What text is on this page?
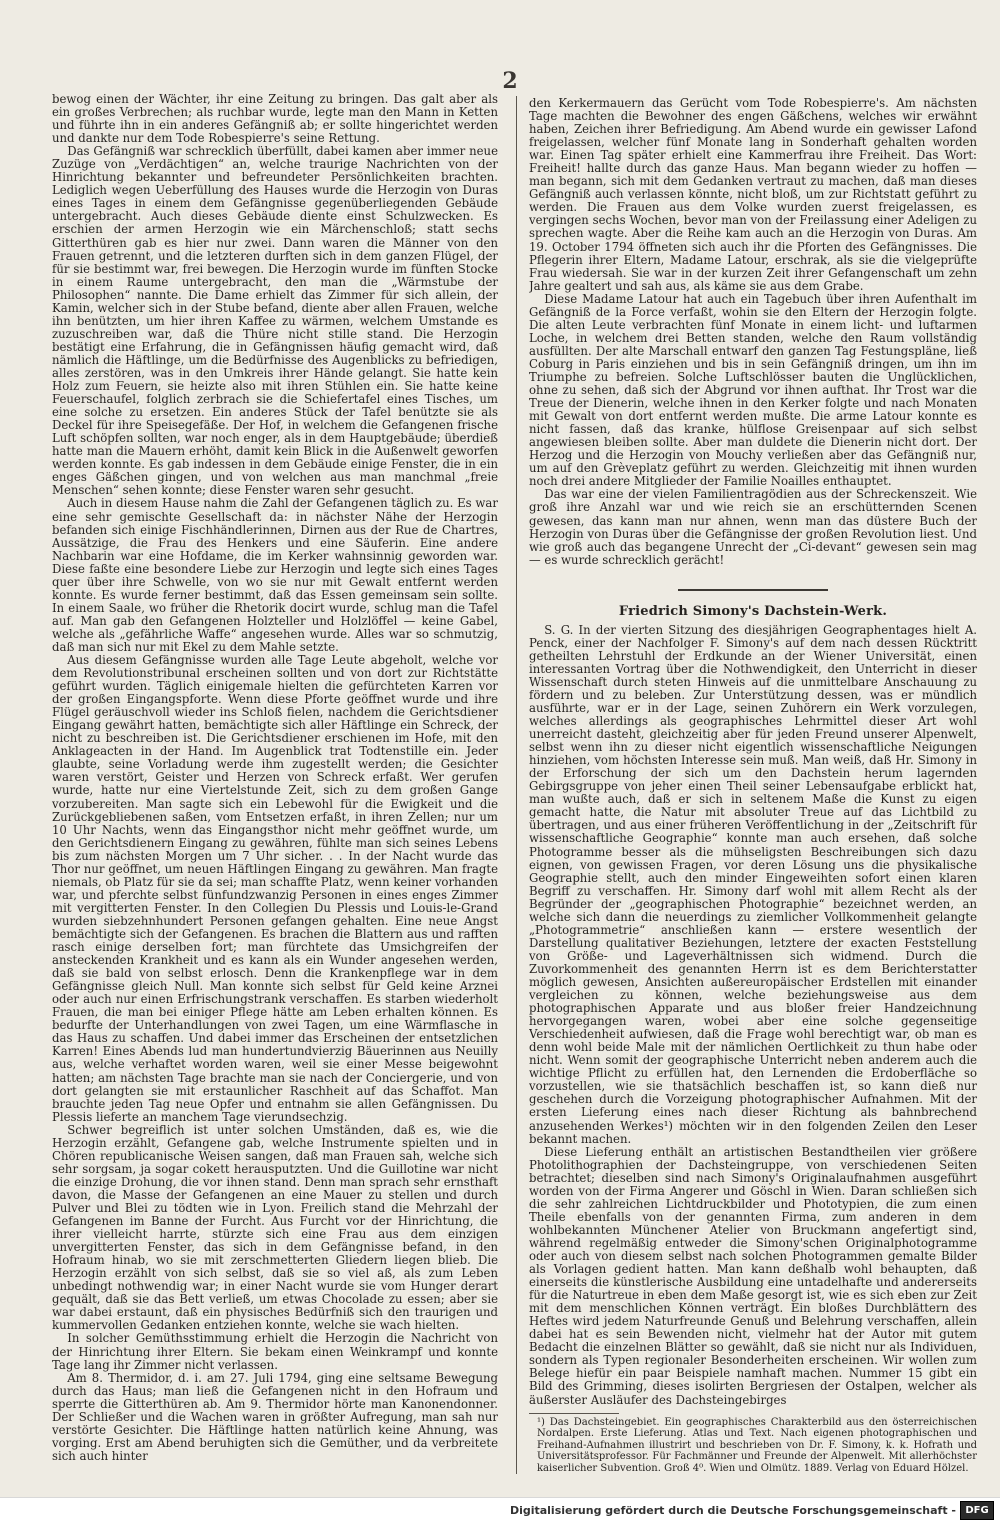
2

bewog einen der Wächter, ihr eine Zeitung zu bringen. Das galt aber als ein großes Verbrechen; als ruchbar wurde, legte man den Mann in Ketten und führte ihn in ein anderes Gefängniß ab; er sollte hingerichtet werden und dankte nur dem Tode Robespierre's seine Rettung.

Das Gefängniß war schrecklich überfüllt, dabei kamen aber immer neue Zuzüge von „Verdächtigen“ an, welche traurige Nachrichten von der Hinrichtung bekannter und befreundeter Persönlichkeiten brachten. Lediglich wegen Ueberfüllung des Hauses wurde die Herzogin von Duras eines Tages in einem dem Gefängnisse gegenüberliegenden Gebäude untergebracht. Auch dieses Gebäude diente einst Schulzwecken. Es erschien der armen Herzogin wie ein Märchenschloß; statt sechs Gitterthüren gab es hier nur zwei. Dann waren die Männer von den Frauen getrennt, und die letzteren durften sich in dem ganzen Flügel, der für sie bestimmt war, frei bewegen. Die Herzogin wurde im fünften Stocke in einem Raume untergebracht, den man die „Wärmstube der Philosophen“ nannte. Die Dame erhielt das Zimmer für sich allein, der Kamin, welcher sich in der Stube befand, diente aber allen Frauen, welche ihn benützten, um hier ihren Kaffee zu wärmen, welchem Umstande es zuzuschreiben war, daß die Thüre nicht stille stand. Die Herzogin bestätigt eine Erfahrung, die in Gefängnissen häufig gemacht wird, daß nämlich die Häftlinge, um die Bedürfnisse des Augenblicks zu befriedigen, alles zerstören, was in den Umkreis ihrer Hände gelangt. Sie hatte kein Holz zum Feuern, sie heizte also mit ihren Stühlen ein. Sie hatte keine Feuerschaufel, folglich zerbrach sie die Schiefertafel eines Tisches, um eine solche zu ersetzen. Ein anderes Stück der Tafel benützte sie als Deckel für ihre Speisegefäße. Der Hof, in welchem die Gefangenen frische Luft schöpfen sollten, war noch enger, als in dem Hauptgebäude; überdieß hatte man die Mauern erhöht, damit kein Blick in die Außenwelt geworfen werden konnte. Es gab indessen in dem Gebäude einige Fenster, die in ein enges Gäßchen gingen, und von welchen aus man manchmal „freie Menschen“ sehen konnte; diese Fenster waren sehr gesucht.

Auch in diesem Hause nahm die Zahl der Gefangenen täglich zu. Es war eine sehr gemischte Gesellschaft da: in nächster Nähe der Herzogin befanden sich einige Fischhändlerinnen, Dirnen aus der Rue de Chartres, Aussätzige, die Frau des Henkers und eine Säuferin. Eine andere Nachbarin war eine Hofdame, die im Kerker wahnsinnig geworden war. Diese faßte eine besondere Liebe zur Herzogin und legte sich eines Tages quer über ihre Schwelle, von wo sie nur mit Gewalt entfernt werden konnte. Es wurde ferner bestimmt, daß das Essen gemeinsam sein sollte. In einem Saale, wo früher die Rhetorik docirt wurde, schlug man die Tafel auf. Man gab den Gefangenen Holzteller und Holzlöffel — keine Gabel, welche als „gefährliche Waffe“ angesehen wurde. Alles war so schmutzig, daß man sich nur mit Ekel zu dem Mahle setzte.

Aus diesem Gefängnisse wurden alle Tage Leute abgeholt, welche vor dem Revolutionstribunal erscheinen sollten und von dort zur Richtstätte geführt wurden. Täglich einigemale hielten die gefürchteten Karren vor der großen Eingangspforte. Wenn diese Pforte geöffnet wurde und ihre Flügel geräuschvoll wieder ins Schloß fielen, nachdem die Gerichtsdiener Eingang gewährt hatten, bemächtigte sich aller Häftlinge ein Schreck, der nicht zu beschreiben ist. Die Gerichtsdiener erschienen im Hofe, mit den Anklageacten in der Hand. Im Augenblick trat Todtenstille ein. Jeder glaubte, seine Vorladung werde ihm zugestellt werden; die Gesichter waren verstört, Geister und Herzen von Schreck erfaßt. Wer gerufen wurde, hatte nur eine Viertelstunde Zeit, sich zu dem großen Gange vorzubereiten. Man sagte sich ein Lebewohl für die Ewigkeit und die Zurückgebliebenen saßen, vom Entsetzen erfaßt, in ihren Zellen; nur um 10 Uhr Nachts, wenn das Eingangsthor nicht mehr geöffnet wurde, um den Gerichtsdienern Eingang zu gewähren, fühlte man sich seines Lebens bis zum nächsten Morgen um 7 Uhr sicher. . . In der Nacht wurde das Thor nur geöffnet, um neuen Häftlingen Eingang zu gewähren. Man fragte niemals, ob Platz für sie da sei; man schaffte Platz, wenn keiner vorhanden war, und pferchte selbst fünfundzwanzig Personen in eines enges Zimmer mit vergitterten Fenster. In den Collegien Du Plessis und Louis-le-Grand wurden siebzehnhundert Personen gefangen gehalten. Eine neue Angst bemächtigte sich der Gefangenen. Es brachen die Blattern aus und rafften rasch einige derselben fort; man fürchtete das Umsichgreifen der ansteckenden Krankheit und es kann als ein Wunder angesehen werden, daß sie bald von selbst erlosch. Denn die Krankenpflege war in dem Gefängnisse gleich Null. Man konnte sich selbst für Geld keine Arznei oder auch nur einen Erfrischungstrank verschaffen. Es starben wiederholt Frauen, die man bei einiger Pflege hätte am Leben erhalten können. Es bedurfte der Unterhandlungen von zwei Tagen, um eine Wärmflasche in das Haus zu schaffen. Und dabei immer das Erscheinen der entsetzlichen Karren! Eines Abends lud man hundertundvierzig Bäuerinnen aus Neuilly aus, welche verhaftet worden waren, weil sie einer Messe beigewohnt hatten; am nächsten Tage brachte man sie nach der Conciergerie, und von dort gelangten sie mit erstaunlicher Raschheit auf das Schaffot. Man brauchte jeden Tag neue Opfer und entnahm sie allen Gefängnissen. Du Plessis lieferte an manchem Tage vierundsechzig.

Schwer begreiflich ist unter solchen Umständen, daß es, wie die Herzogin erzählt, Gefangene gab, welche Instrumente spielten und in Chören republicanische Weisen sangen, daß man Frauen sah, welche sich sehr sorgsam, ja sogar cokett herausputzten. Und die Guillotine war nicht die einzige Drohung, die vor ihnen stand. Denn man sprach sehr ernsthaft davon, die Masse der Gefangenen an eine Mauer zu stellen und durch Pulver und Blei zu tödten wie in Lyon. Freilich stand die Mehrzahl der Gefangenen im Banne der Furcht. Aus Furcht vor der Hinrichtung, die ihrer vielleicht harrte, stürzte sich eine Frau aus dem einzigen unvergitterten Fenster, das sich in dem Gefängnisse befand, in den Hofraum hinab, wo sie mit zerschmetterten Gliedern liegen blieb. Die Herzogin erzählt von sich selbst, daß sie so viel aß, als zum Leben unbedingt nothwendig war; in einer Nacht wurde sie vom Hunger derart gequält, daß sie das Bett verließ, um etwas Chocolade zu essen; aber sie war dabei erstaunt, daß ein physisches Bedürfniß sich den traurigen und kummervollen Gedanken entziehen konnte, welche sie wach hielten.

In solcher Gemüthsstimmung erhielt die Herzogin die Nachricht von der Hinrichtung ihrer Eltern. Sie bekam einen Weinkrampf und konnte Tage lang ihr Zimmer nicht verlassen.

Am 8. Thermidor, d. i. am 27. Juli 1794, ging eine seltsame Bewegung durch das Haus; man ließ die Gefangenen nicht in den Hofraum und sperrte die Gitterthüren ab. Am 9. Thermidor hörte man Kanonendonner. Der Schließer und die Wachen waren in größter Aufregung, man sah nur verstörte Gesichter. Die Häftlinge hatten natürlich keine Ahnung, was vorging. Erst am Abend beruhigten sich die Gemüther, und da verbreitete sich auch hinter

den Kerkermauern das Gerücht vom Tode Robespierre's. Am nächsten Tage machten die Bewohner des engen Gäßchens, welches wir erwähnt haben, Zeichen ihrer Befriedigung. Am Abend wurde ein gewisser Lafond freigelassen, welcher fünf Monate lang in Sonderhaft gehalten worden war. Einen Tag später erhielt eine Kammerfrau ihre Freiheit. Das Wort: Freiheit! hallte durch das ganze Haus. Man begann wieder zu hoffen — man begann, sich mit dem Gedanken vertraut zu machen, daß man dieses Gefängniß auch verlassen könnte, nicht bloß, um zur Richtstatt geführt zu werden. Die Frauen aus dem Volke wurden zuerst freigelassen, es vergingen sechs Wochen, bevor man von der Freilassung einer Adeligen zu sprechen wagte. Aber die Reihe kam auch an die Herzogin von Duras. Am 19. October 1794 öffneten sich auch ihr die Pforten des Gefängnisses. Die Pflegerin ihrer Eltern, Madame Latour, erschrak, als sie die vielgeprüfte Frau wiedersah. Sie war in der kurzen Zeit ihrer Gefangenschaft um zehn Jahre gealtert und sah aus, als käme sie aus dem Grabe.

Diese Madame Latour hat auch ein Tagebuch über ihren Aufenthalt im Gefängniß de la Force verfaßt, wohin sie den Eltern der Herzogin folgte. Die alten Leute verbrachten fünf Monate in einem licht- und luftarmen Loche, in welchem drei Betten standen, welche den Raum vollständig ausfüllten. Der alte Marschall entwarf den ganzen Tag Festungspläne, ließ Coburg in Paris einziehen und bis in sein Gefängniß dringen, um ihn im Triumphe zu befreien. Solche Luftschlösser bauten die Unglücklichen, ohne zu sehen, daß sich der Abgrund vor ihnen aufthat. Ihr Trost war die Treue der Dienerin, welche ihnen in den Kerker folgte und nach Monaten mit Gewalt von dort entfernt werden mußte. Die arme Latour konnte es nicht fassen, daß das kranke, hülflose Greisenpaar auf sich selbst angewiesen bleiben sollte. Aber man duldete die Dienerin nicht dort. Der Herzog und die Herzogin von Mouchy verließen aber das Gefängniß nur, um auf den Grèveplatz geführt zu werden. Gleichzeitig mit ihnen wurden noch drei andere Mitglieder der Familie Noailles enthauptet.

Das war eine der vielen Familientragödien aus der Schreckenszeit. Wie groß ihre Anzahl war und wie reich sie an erschütternden Scenen gewesen, das kann man nur ahnen, wenn man das düstere Buch der Herzogin von Duras über die Gefängnisse der großen Revolution liest. Und wie groß auch das begangene Unrecht der „Ci-devant“ gewesen sein mag — es wurde schrecklich gerächt!

Friedrich Simony's Dachstein-Werk.

S. G. In der vierten Sitzung des diesjährigen Geographentages hielt A. Penck, einer der Nachfolger F. Simony's auf dem nach dessen Rücktritt getheilten Lehrstuhl der Erdkunde an der Wiener Universität, einen interessanten Vortrag über die Nothwendigkeit, den Unterricht in dieser Wissenschaft durch steten Hinweis auf die unmittelbare Anschauung zu fördern und zu beleben. Zur Unterstützung dessen, was er mündlich ausführte, war er in der Lage, seinen Zuhörern ein Werk vorzulegen, welches allerdings als geographisches Lehrmittel dieser Art wohl unerreicht dasteht, gleichzeitig aber für jeden Freund unserer Alpenwelt, selbst wenn ihn zu dieser nicht eigentlich wissenschaftliche Neigungen hinziehen, vom höchsten Interesse sein muß. Man weiß, daß Hr. Simony in der Erforschung der sich um den Dachstein herum lagernden Gebirgsgruppe von jeher einen Theil seiner Lebensaufgabe erblickt hat, man wußte auch, daß er sich in seltenem Maße die Kunst zu eigen gemacht hatte, die Natur mit absoluter Treue auf das Lichtbild zu übertragen, und aus einer früheren Veröffentlichung in der „Zeitschrift für wissenschaftliche Geographie“ konnte man auch ersehen, daß solche Photogramme besser als die mühseligsten Beschreibungen sich dazu eignen, von gewissen Fragen, vor deren Lösung uns die physikalische Geographie stellt, auch den minder Eingeweihten sofort einen klaren Begriff zu verschaffen. Hr. Simony darf wohl mit allem Recht als der Begründer der „geographischen Photographie“ bezeichnet werden, an welche sich dann die neuerdings zu ziemlicher Vollkommenheit gelangte „Photogrammetrie“ anschließen kann — erstere wesentlich der Darstellung qualitativer Beziehungen, letztere der exacten Feststellung von Größe- und Lageverhältnissen sich widmend. Durch die Zuvorkommenheit des genannten Herrn ist es dem Berichterstatter möglich gewesen, Ansichten außereuropäischer Erdstellen mit einander vergleichen zu können, welche beziehungsweise aus dem photographischen Apparate und aus bloßer freier Handzeichnung hervorgegangen waren, wobei aber eine solche gegenseitige Verschiedenheit aufwiesen, daß die Frage wohl berechtigt war, ob man es denn wohl beide Male mit der nämlichen Oertlichkeit zu thun habe oder nicht. Wenn somit der geographische Unterricht neben anderem auch die wichtige Pflicht zu erfüllen hat, den Lernenden die Erdoberfläche so vorzustellen, wie sie thatsächlich beschaffen ist, so kann dieß nur geschehen durch die Vorzeigung photographischer Aufnahmen. Mit der ersten Lieferung eines nach dieser Richtung als bahnbrechend anzusehenden Werkes¹) möchten wir in den folgenden Zeilen den Leser bekannt machen.

Diese Lieferung enthält an artistischen Bestandtheilen vier größere Photolithographien der Dachsteingruppe, von verschiedenen Seiten betrachtet; dieselben sind nach Simony's Originalaufnahmen ausgeführt worden von der Firma Angerer und Göschl in Wien. Daran schließen sich die sehr zahlreichen Lichtdruckbilder und Phototypien, die zum einen Theile ebenfalls von der genannten Firma, zum anderen in dem wohlbekannten Münchener Atelier von Bruckmann angefertigt sind, während regelmäßig entweder die Simony'schen Originalphotogramme oder auch von diesem selbst nach solchen Photogrammen gemalte Bilder als Vorlagen gedient hatten. Man kann deßhalb wohl behaupten, daß einerseits die künstlerische Ausbildung eine untadelhafte und andererseits für die Naturtreue in eben dem Maße gesorgt ist, wie es sich eben zur Zeit mit dem menschlichen Können verträgt. Ein bloßes Durchblättern des Heftes wird jedem Naturfreunde Genuß und Belehrung verschaffen, allein dabei hat es sein Bewenden nicht, vielmehr hat der Autor mit gutem Bedacht die einzelnen Blätter so gewählt, daß sie nicht nur als Individuen, sondern als Typen regionaler Besonderheiten erscheinen. Wir wollen zum Belege hiefür ein paar Beispiele namhaft machen. Nummer 15 gibt ein Bild des Grimming, dieses isolirten Bergriesen der Ostalpen, welcher als äußerster Ausläufer des Dachsteingebirges

¹) Das Dachsteingebiet. Ein geographisches Charakterbild aus den österreichischen Nordalpen. Erste Lieferung. Atlas und Text. Nach eigenen photographischen und Freihand-Aufnahmen illustrirt und beschrieben von Dr. F. Simony, k. k. Hofrath und Universitätsprofessor. Für Fachmänner und Freunde der Alpenwelt. Mit allerhöchster kaiserlicher Subvention. Groß 4⁰. Wien und Olmütz. 1889. Verlag von Eduard Hölzel.

Digitalisierung gefördert durch die Deutsche Forschungsgemeinschaft - DFG
